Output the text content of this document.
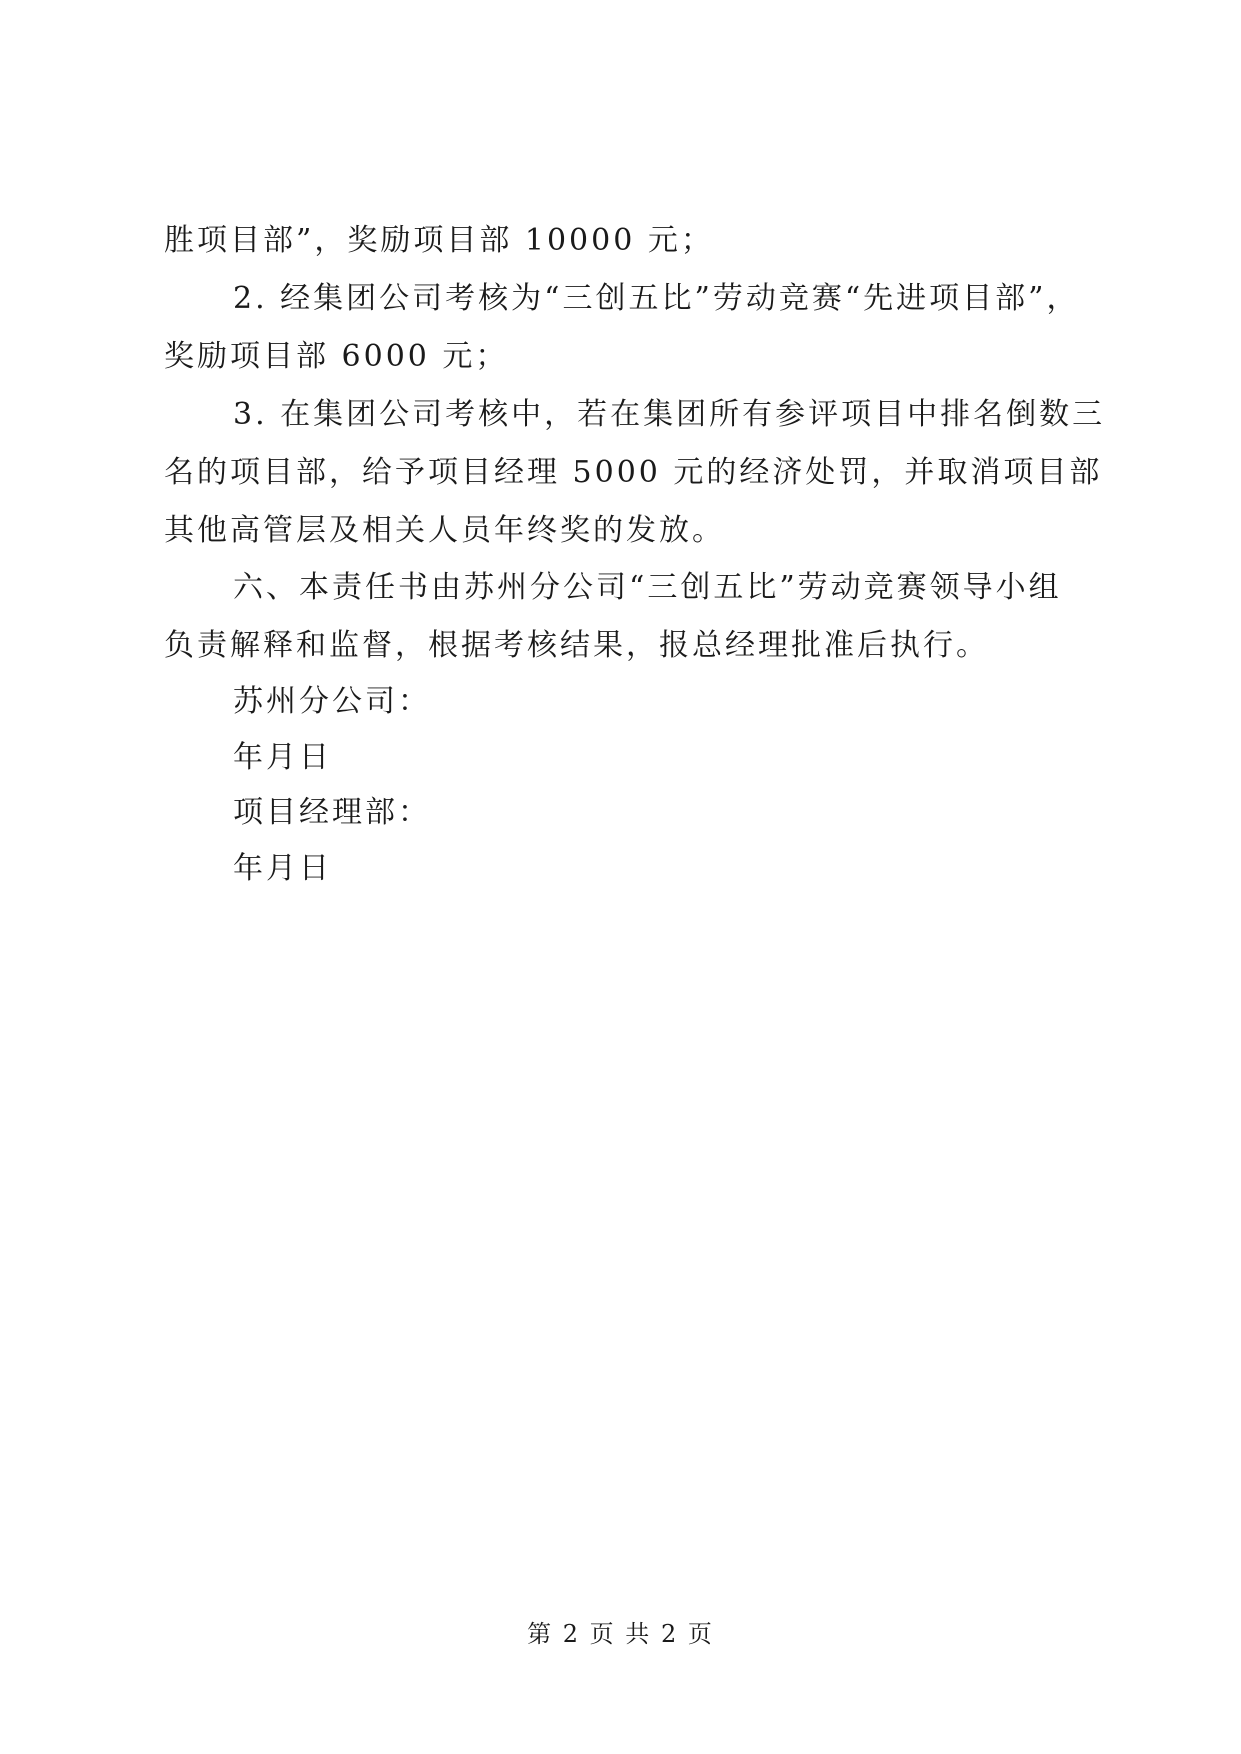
胜项目部”，奖励项目部 10000 元；
2. 经集团公司考核为“三创五比”劳动竞赛“先进项目部”，
奖励项目部 6000 元；
3. 在集团公司考核中，若在集团所有参评项目中排名倒数三
名的项目部，给予项目经理 5000 元的经济处罚，并取消项目部
其他高管层及相关人员年终奖的发放。
六、本责任书由苏州分公司“三创五比”劳动竞赛领导小组
负责解释和监督，根据考核结果，报总经理批准后执行。
苏州分公司：
年月日
项目经理部：
年月日
第 2 页 共 2 页
